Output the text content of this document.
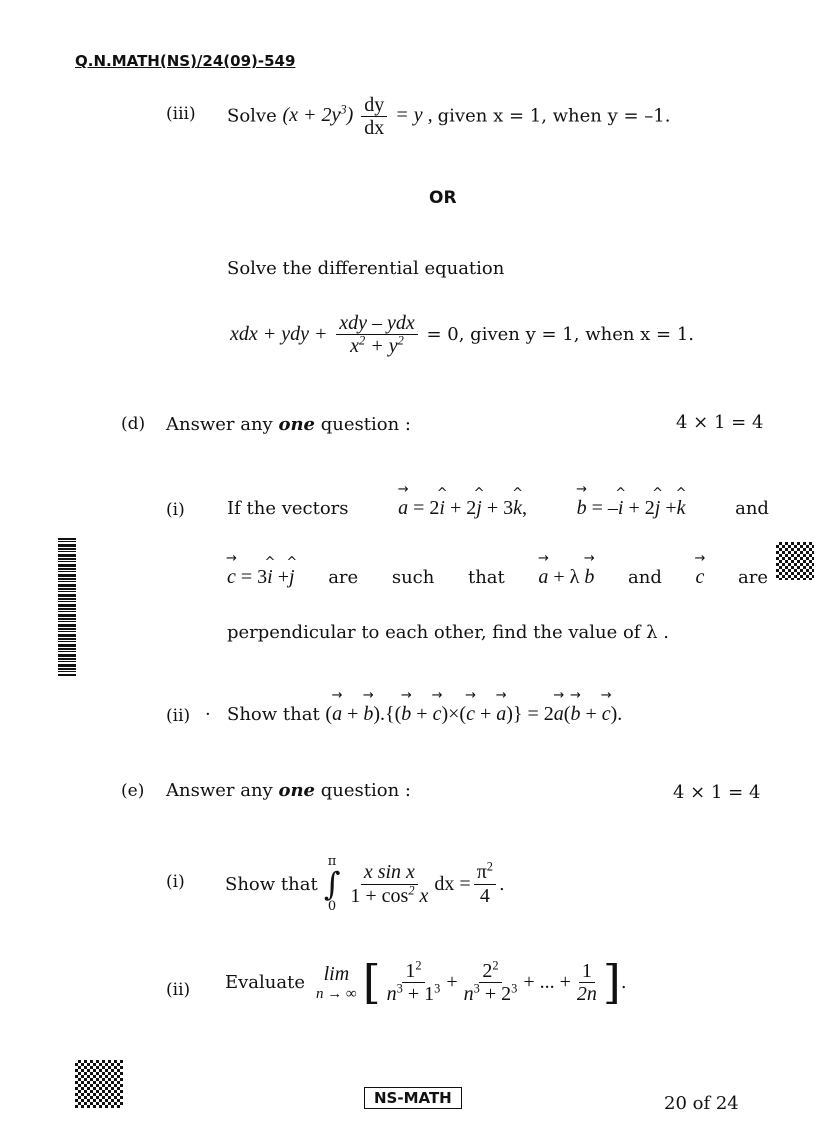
Q.N.MATH(NS)/24(09)-549
(iii) Solve $(x + 2y^3) \frac{dy}{dx} = y$ , given x = 1, when y = –1.
OR
Solve the differential equation
xdx + ydy + $\frac{\text{xdy – ydx}}{x^2 + y^2} = 0$, given y = 1, when x = 1.
(d) Answer any one question :	4 × 1 = 4
(i) If the vectors → a = 2^ i + 2^ j + 3^ k, → b = –^ i + 2^ j +^ k	and
→ c = 3^ i +^ j are such that → a + λ → b and → c are
perpendicular to each other, find the value of λ .
(ii) · Show that (→ a + → b).{(→ b + → c)×(→ c + → a)} = 2→ a(→ b + → c).
(e) Answer any one question :	4 × 1 = 4
(i) Show that
π
∫
$0 \frac{\text{x sin x}}{1 + \cos^2 x}$ dx = $\frac{\pi^2}{4}$ .
(ii) Evaluate lim
n → ∞ [ $\frac{1^2}{n^3 + 1^3} + \frac{2^2}{n^3 + 2^3}$ + ... + $\frac{1}{2n}$ ] .
NS-MATH	20 of 24
